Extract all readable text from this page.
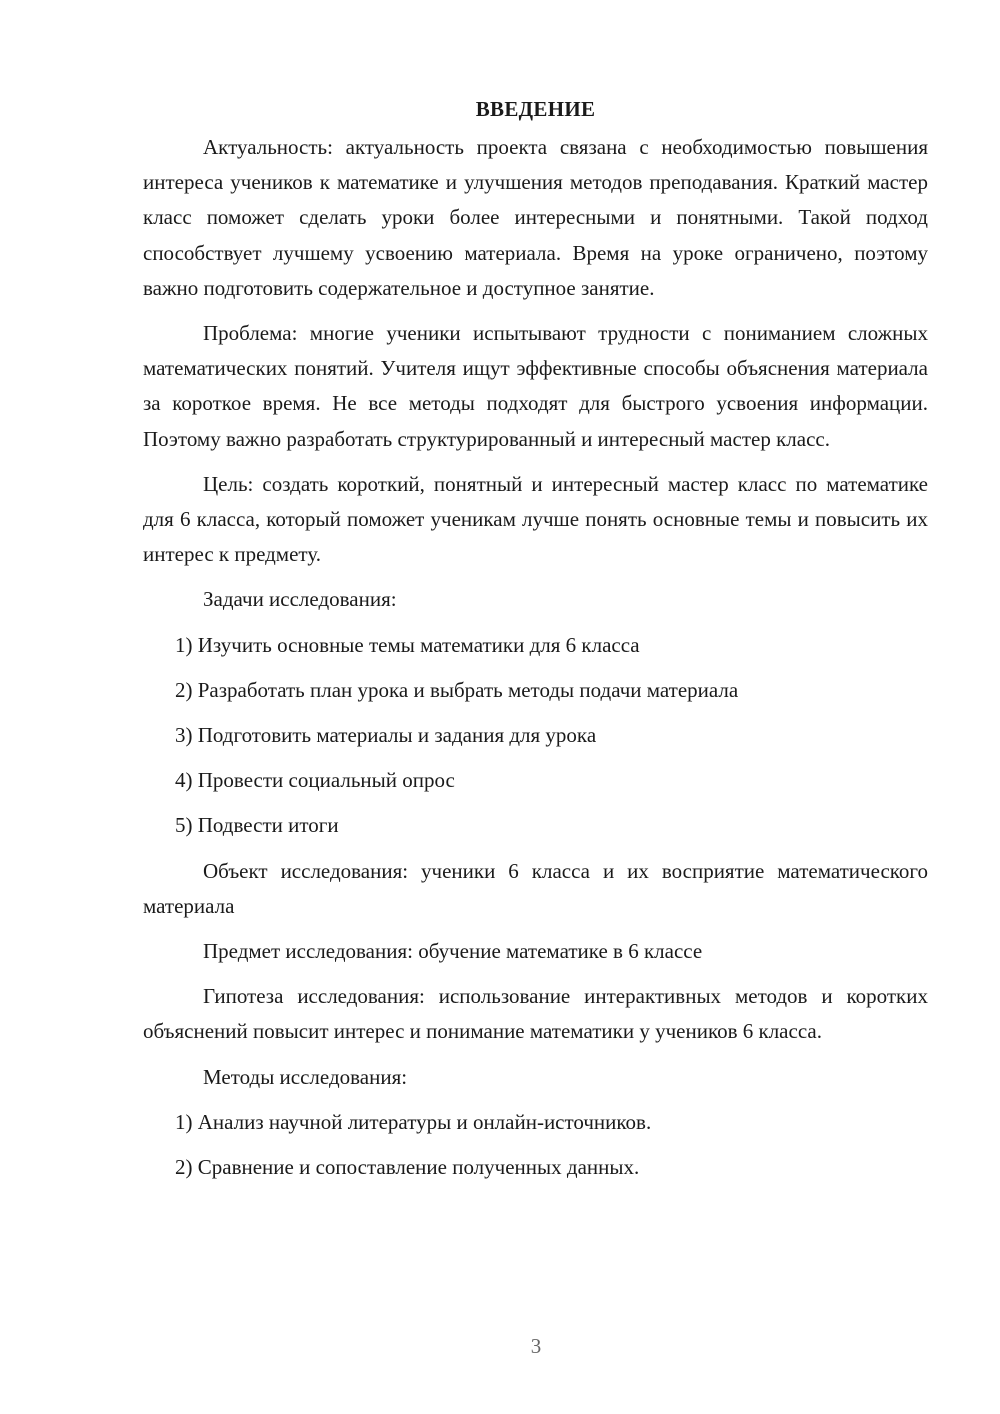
ВВЕДЕНИЕ

Актуальность: актуальность проекта связана с необходимостью повышения интереса учеников к математике и улучшения методов преподавания. Краткий мастер класс поможет сделать уроки более интересными и понятными. Такой подход способствует лучшему усвоению материала. Время на уроке ограничено, поэтому важно подготовить содержательное и доступное занятие.

Проблема: многие ученики испытывают трудности с пониманием сложных математических понятий. Учителя ищут эффективные способы объяснения материала за короткое время. Не все методы подходят для быстрого усвоения информации. Поэтому важно разработать структурированный и интересный мастер класс.

Цель: создать короткий, понятный и интересный мастер класс по математике для 6 класса, который поможет ученикам лучше понять основные темы и повысить их интерес к предмету.

Задачи исследования:

1) Изучить основные темы математики для 6 класса
2) Разработать план урока и выбрать методы подачи материала
3) Подготовить материалы и задания для урока
4) Провести социальный опрос
5) Подвести итоги

Объект исследования: ученики 6 класса и их восприятие математического материала

Предмет исследования: обучение математике в 6 классе

Гипотеза исследования: использование интерактивных методов и коротких объяснений повысит интерес и понимание математики у учеников 6 класса.

Методы исследования:

1) Анализ научной литературы и онлайн-источников.
2) Сравнение и сопоставление полученных данных.
3
